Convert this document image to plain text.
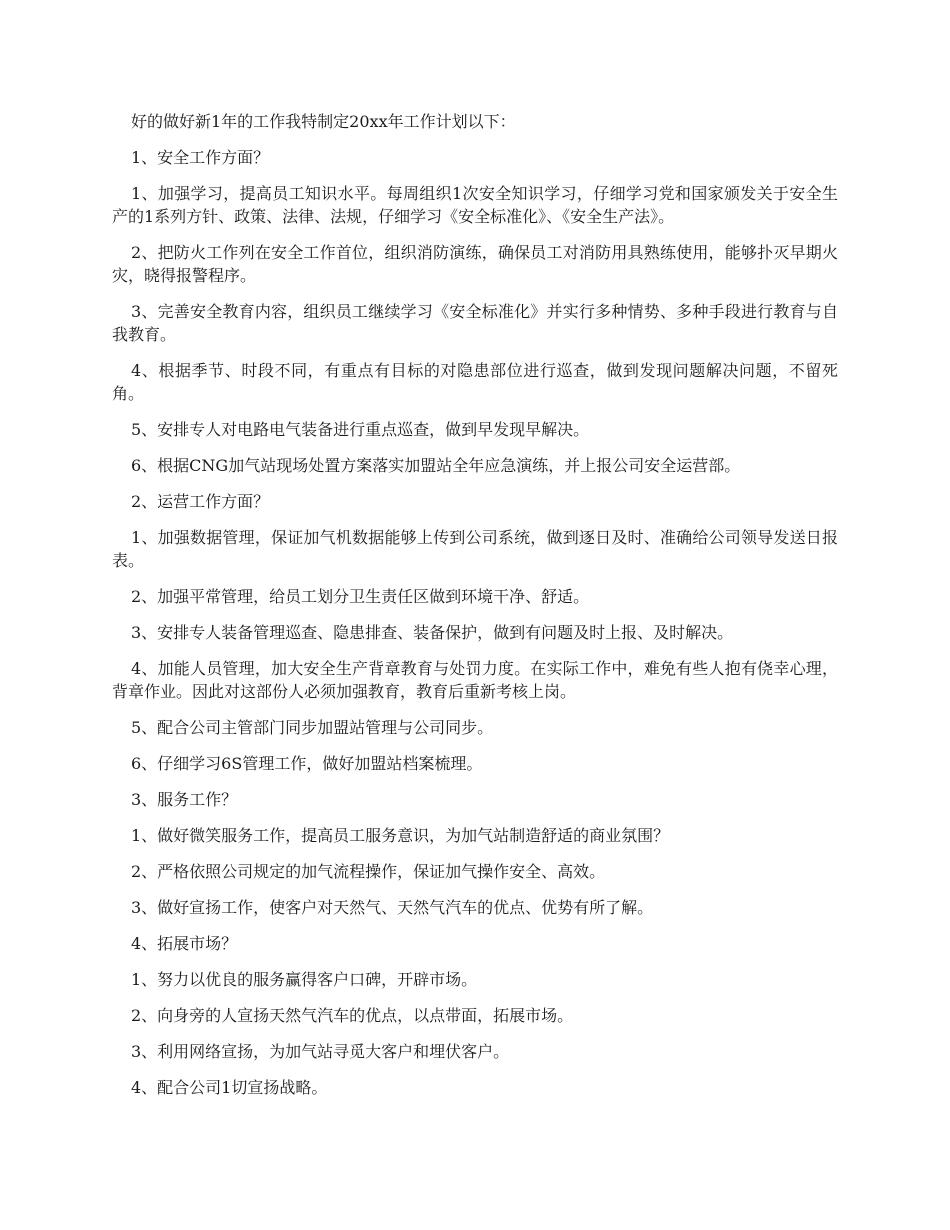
好的做好新1年的工作我特制定20xx年工作计划以下：

1、安全工作方面？

1、加强学习，提高员工知识水平。每周组织1次安全知识学习，仔细学习党和国家颁发关于安全生产的1系列方针、政策、法律、法规，仔细学习《安全标准化》、《安全生产法》。

2、把防火工作列在安全工作首位，组织消防演练，确保员工对消防用具熟练使用，能够扑灭早期火灾，晓得报警程序。

3、完善安全教育内容，组织员工继续学习《安全标准化》并实行多种情势、多种手段进行教育与自我教育。

4、根据季节、时段不同，有重点有目标的对隐患部位进行巡查，做到发现问题解决问题，不留死角。

5、安排专人对电路电气装备进行重点巡查，做到早发现早解决。

6、根据CNG加气站现场处置方案落实加盟站全年应急演练，并上报公司安全运营部。

2、运营工作方面？

1、加强数据管理，保证加气机数据能够上传到公司系统，做到逐日及时、准确给公司领导发送日报表。

2、加强平常管理，给员工划分卫生责任区做到环境干净、舒适。

3、安排专人装备管理巡查、隐患排查、装备保护，做到有问题及时上报、及时解决。

4、加能人员管理，加大安全生产背章教育与处罚力度。在实际工作中，难免有些人抱有侥幸心理，背章作业。因此对这部份人必须加强教育，教育后重新考核上岗。

5、配合公司主管部门同步加盟站管理与公司同步。

6、仔细学习6S管理工作，做好加盟站档案梳理。

3、服务工作？

1、做好微笑服务工作，提高员工服务意识，为加气站制造舒适的商业氛围？

2、严格依照公司规定的加气流程操作，保证加气操作安全、高效。

3、做好宣扬工作，使客户对天然气、天然气汽车的优点、优势有所了解。

4、拓展市场？

1、努力以优良的服务赢得客户口碑，开辟市场。

2、向身旁的人宣扬天然气汽车的优点，以点带面，拓展市场。

3、利用网络宣扬，为加气站寻觅大客户和埋伏客户。

4、配合公司1切宣扬战略。
